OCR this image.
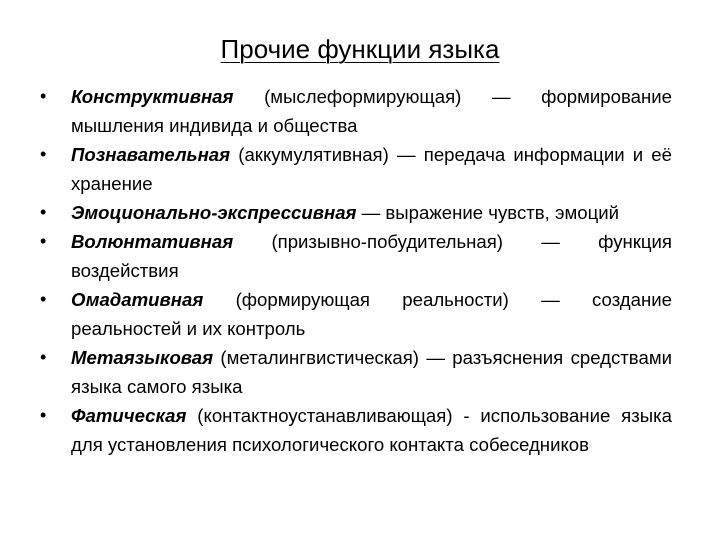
Прочие функции языка
• Конструктивная (мыслеформирующая) — формирование мышления индивида и общества
• Познавательная (аккумулятивная) — передача информации и её хранение
• Эмоционально-экспрессивная — выражение чувств, эмоций
• Волюнтативная (призывно-побудительная) — функция воздействия
• Омадативная (формирующая реальности) — создание реальностей и их контроль
• Метаязыковая (металингвистическая) — разъяснения средствами языка самого языка
• Фатическая (контактноустанавливающая) - использование языка для установления психологического контакта собеседников
